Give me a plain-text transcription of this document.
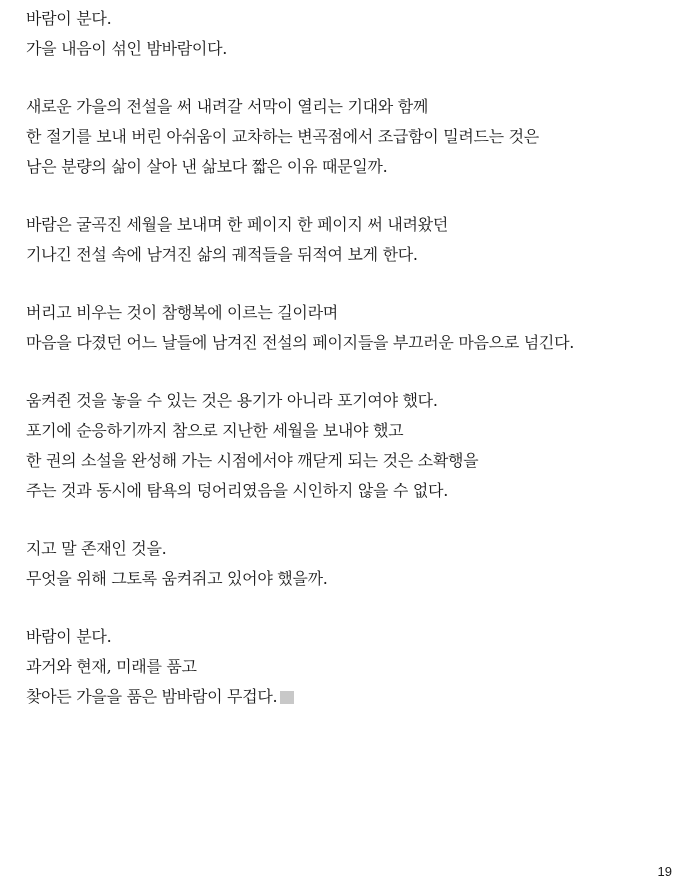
바람이 분다.
가을 내음이 섞인 밤바람이다.
새로운 가을의 전설을 써 내려갈 서막이 열리는 기대와 함께
한 절기를 보내 버린 아쉬움이 교차하는 변곡점에서 조급함이 밀려드는 것은
남은 분량의 삶이 살아 낸 삶보다 짧은 이유 때문일까.
바람은 굴곡진 세월을 보내며 한 페이지 한 페이지 써 내려왔던
기나긴 전설 속에 남겨진 삶의 궤적들을 뒤적여 보게 한다.
버리고 비우는 것이 참행복에 이르는 길이라며
마음을 다졌던 어느 날들에 남겨진 전설의 페이지들을 부끄러운 마음으로 넘긴다.
움켜쥔 것을 놓을 수 있는 것은 용기가 아니라 포기여야 했다.
포기에 순응하기까지 참으로 지난한 세월을 보내야 했고
한 권의 소설을 완성해 가는 시점에서야 깨닫게 되는 것은 소확행을
주는 것과 동시에 탐욕의 덩어리였음을 시인하지 않을 수 없다.
지고 말 존재인 것을.
무엇을 위해 그토록 움켜쥐고 있어야 했을까.
바람이 분다.
과거와 현재, 미래를 품고
찾아든 가을을 품은 밤바람이 무겁다.
19
